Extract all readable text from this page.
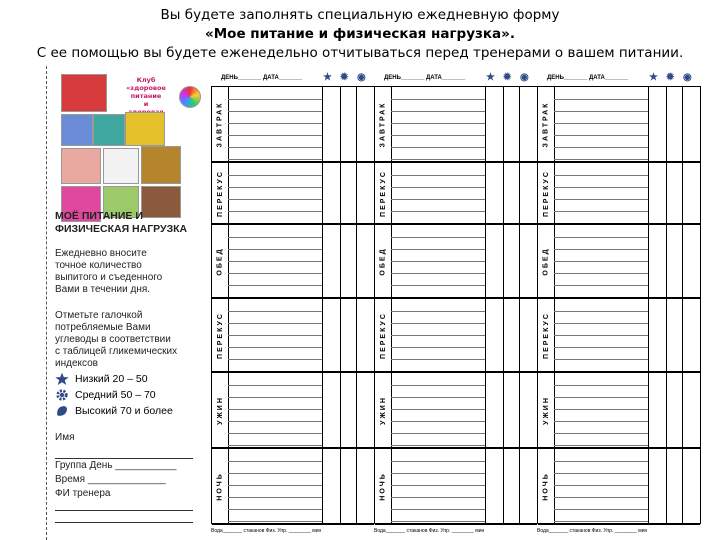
Вы будете заполнять специальную ежедневную форму
«Мое питание и физическая нагрузка».
С ее помощью вы будете еженедельно отчитываться перед тренерами о вашем питании.
Клуб
«здоровое питание
и
МОЁ ПИТАНИЕ И
ФИЗИЧЕСКАЯ НАГРУЗКА
Ежедневно вносите
точное количество
выпитого и съеденного
Вами в течении дня.
Отметьте галочкой
потребляемые Вами
углеводы в соответствии
с таблицей гликемических
индексов
Низкий 20 – 50
Средний 50 – 70
Высокий 70 и более
Имя
Группа День ___________
Время ______________
ФИ тренера
ДЕНЬ_______ ДАТА_______ ★ ✹ ◉
ЗАВТРАК
ПЕРЕКУС
ОБЕД
ПЕРЕКУС
УЖИН
НОЧЬ
Вода_______ стаканов Физ. Упр. ________ мин
ДЕНЬ_______ ДАТА_______ ★ ✹ ◉
ЗАВТРАК
ПЕРЕКУС
ОБЕД
ПЕРЕКУС
УЖИН
НОЧЬ
Вода_______ стаканов Физ. Упр. ________ мин
ДЕНЬ_______ ДАТА_______ ★ ✹ ◉
ЗАВТРАК
ПЕРЕКУС
ОБЕД
ПЕРЕКУС
УЖИН
НОЧЬ
Вода_______ стаканов Физ. Упр. ________ мин
